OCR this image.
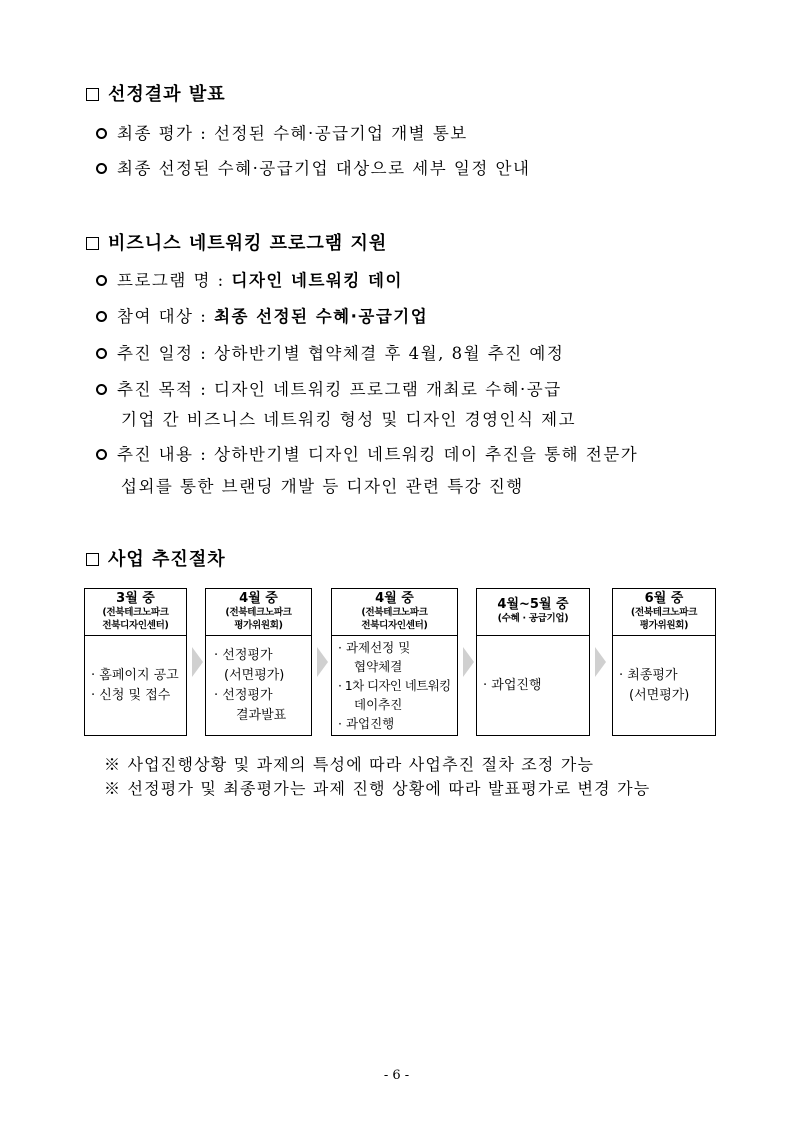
선정결과 발표
최종 평가 : 선정된 수혜·공급기업 개별 통보
최종 선정된 수혜·공급기업 대상으로 세부 일정 안내
비즈니스 네트워킹 프로그램 지원
프로그램 명 : 디자인 네트워킹 데이
참여 대상 : 최종 선정된 수혜·공급기업
추진 일정 : 상하반기별 협약체결 후 4월, 8월 추진 예정
추진 목적 : 디자인 네트워킹 프로그램 개최로 수혜·공급
기업 간 비즈니스 네트워킹 형성 및 디자인 경영인식 제고
추진 내용 : 상하반기별 디자인 네트워킹 데이 추진을 통해 전문가
섭외를 통한 브랜딩 개발 등 디자인 관련 특강 진행
사업 추진절차
3월 중
(전북테크노파크
전북디자인센터)
· 홈페이지 공고
· 신청 및 접수
4월 중
(전북테크노파크
평가위원회)
· 선정평가
(서면평가)
· 선정평가
결과발표
4월 중
(전북테크노파크
전북디자인센터)
· 과제선정 및
협약체결
· 1차 디자인 네트워킹
데이추진
· 과업진행
4월~5월 중
(수혜 · 공급기업)
· 과업진행
6월 중
(전북테크노파크
평가위원회)
· 최종평가
(서면평가)
※ 사업진행상황 및 과제의 특성에 따라 사업추진 절차 조정 가능
※ 선정평가 및 최종평가는 과제 진행 상황에 따라 발표평가로 변경 가능
- 6 -
